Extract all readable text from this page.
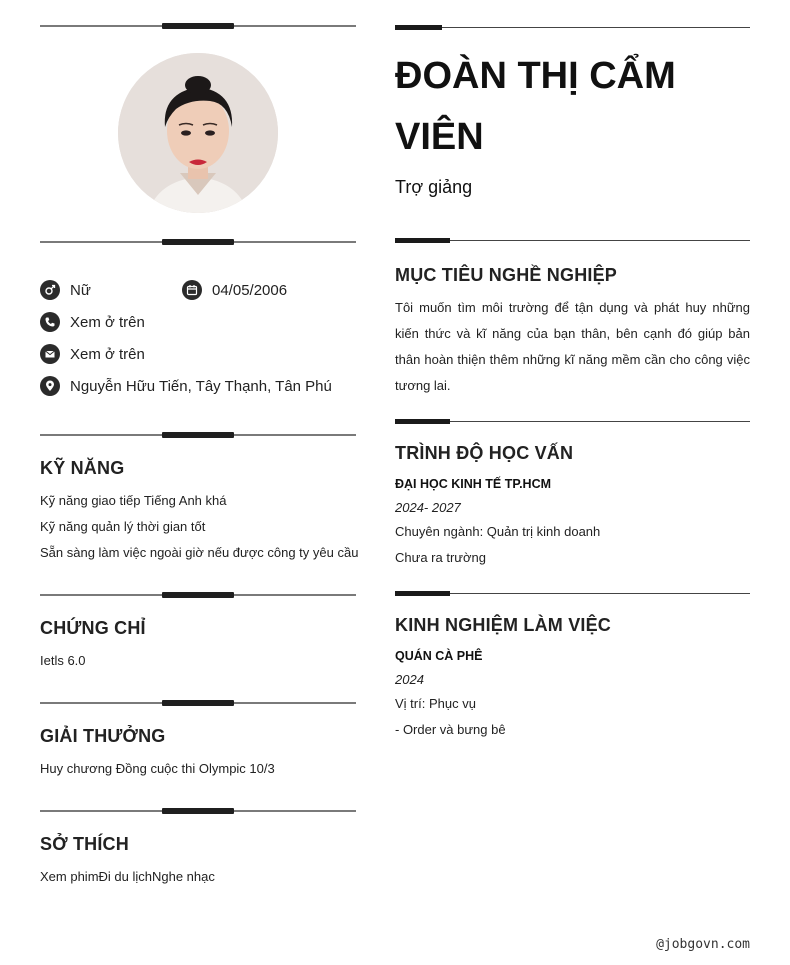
Nữ	04/05/2006
Xem ở trên
Xem ở trên
Nguyễn Hữu Tiến, Tây Thạnh, Tân Phú
KỸ NĂNG
Kỹ năng giao tiếp Tiếng Anh khá
Kỹ năng quản lý thời gian tốt
Sẵn sàng làm việc ngoài giờ nếu được công ty yêu cầu
CHỨNG CHỈ
Ietls 6.0
GIẢI THƯỞNG
Huy chương Đồng cuộc thi Olympic 10/3
SỞ THÍCH
Xem phimĐi du lịchNghe nhạc
ĐOÀN THỊ CẨM VIÊN
Trợ giảng
MỤC TIÊU NGHỀ NGHIỆP
Tôi muốn tìm môi trường để tận dụng và phát huy những kiến thức và kĩ năng của bạn thân, bên cạnh đó giúp bản thân hoàn thiện thêm những kĩ năng mềm cần cho công việc tương lai.
TRÌNH ĐỘ HỌC VẤN
ĐẠI HỌC KINH TẾ TP.HCM
2024- 2027
Chuyên ngành: Quản trị kinh doanh
Chưa ra trường
KINH NGHIỆM LÀM VIỆC
QUÁN CÀ PHÊ
2024
Vị trí: Phục vụ
- Order và bưng bê
@jobgovn.com
